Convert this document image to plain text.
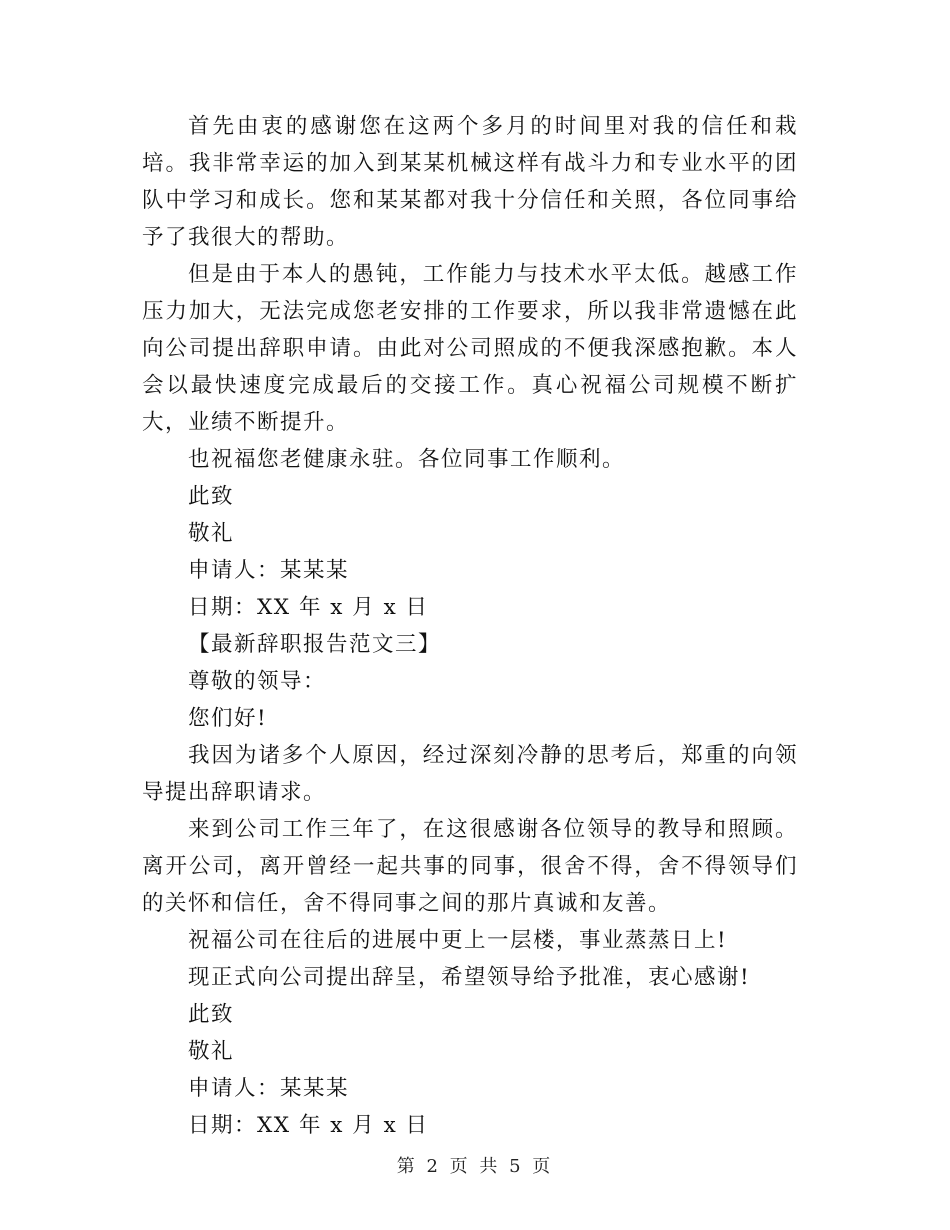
首先由衷的感谢您在这两个多月的时间里对我的信任和栽培。我非常幸运的加入到某某机械这样有战斗力和专业水平的团队中学习和成长。您和某某都对我十分信任和关照，各位同事给予了我很大的帮助。

但是由于本人的愚钝，工作能力与技术水平太低。越感工作压力加大，无法完成您老安排的工作要求，所以我非常遗憾在此向公司提出辞职申请。由此对公司照成的不便我深感抱歉。本人会以最快速度完成最后的交接工作。真心祝福公司规模不断扩大，业绩不断提升。

也祝福您老健康永驻。各位同事工作顺利。

此致

敬礼

申请人：某某某

日期：XX 年 x 月 x 日

【最新辞职报告范文三】

尊敬的领导：

您们好!

我因为诸多个人原因，经过深刻冷静的思考后，郑重的向领导提出辞职请求。

来到公司工作三年了，在这很感谢各位领导的教导和照顾。离开公司，离开曾经一起共事的同事，很舍不得，舍不得领导们的关怀和信任，舍不得同事之间的那片真诚和友善。

祝福公司在往后的进展中更上一层楼，事业蒸蒸日上!

现正式向公司提出辞呈，希望领导给予批准，衷心感谢!

此致

敬礼

申请人：某某某

日期：XX 年 x 月 x 日

第 2 页 共 5 页
